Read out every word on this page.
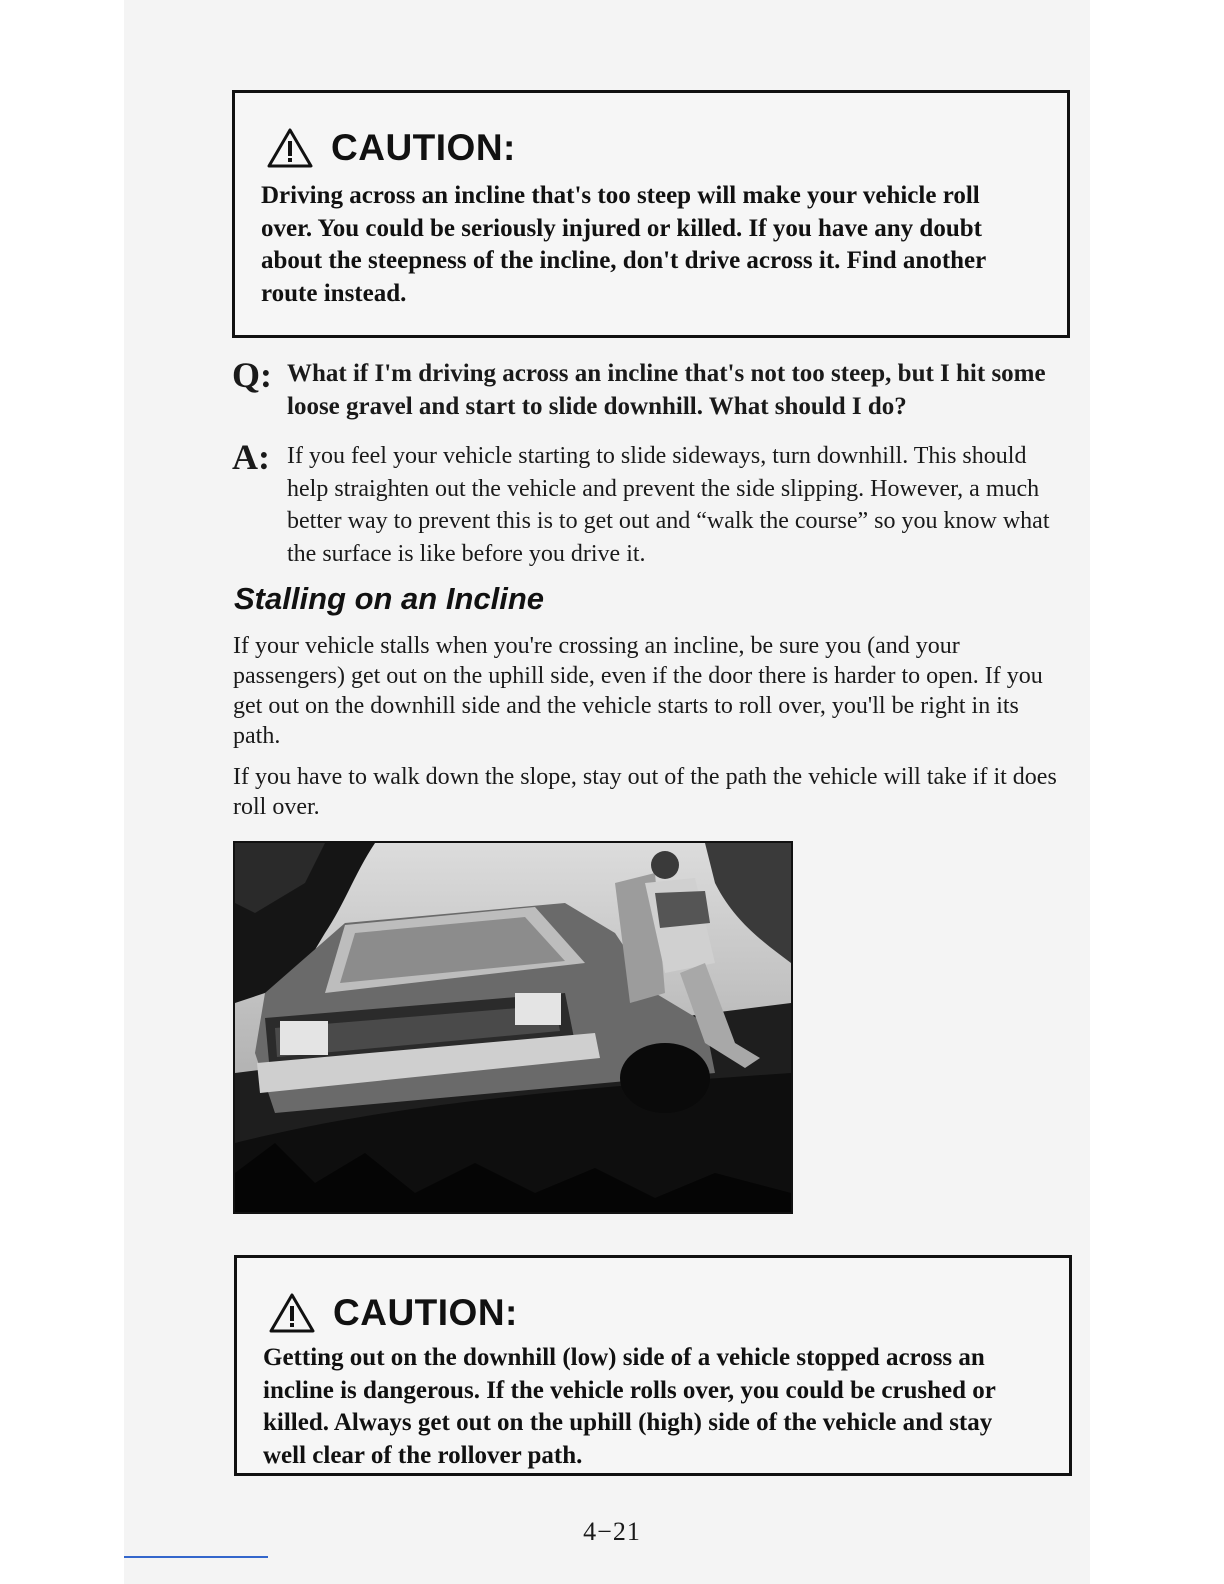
CAUTION:
Driving across an incline that's too steep will make your vehicle roll over. You could be seriously injured or killed. If you have any doubt about the steepness of the incline, don't drive across it. Find another route instead.
Q: What if I'm driving across an incline that's not too steep, but I hit some loose gravel and start to slide downhill. What should I do?
A: If you feel your vehicle starting to slide sideways, turn downhill. This should help straighten out the vehicle and prevent the side slipping. However, a much better way to prevent this is to get out and “walk the course” so you know what the surface is like before you drive it.
Stalling on an Incline
If your vehicle stalls when you're crossing an incline, be sure you (and your passengers) get out on the uphill side, even if the door there is harder to open. If you get out on the downhill side and the vehicle starts to roll over, you'll be right in its path.
If you have to walk down the slope, stay out of the path the vehicle will take if it does roll over.
CAUTION:
Getting out on the downhill (low) side of a vehicle stopped across an incline is dangerous. If the vehicle rolls over, you could be crushed or killed. Always get out on the uphill (high) side of the vehicle and stay well clear of the rollover path.
4−21
